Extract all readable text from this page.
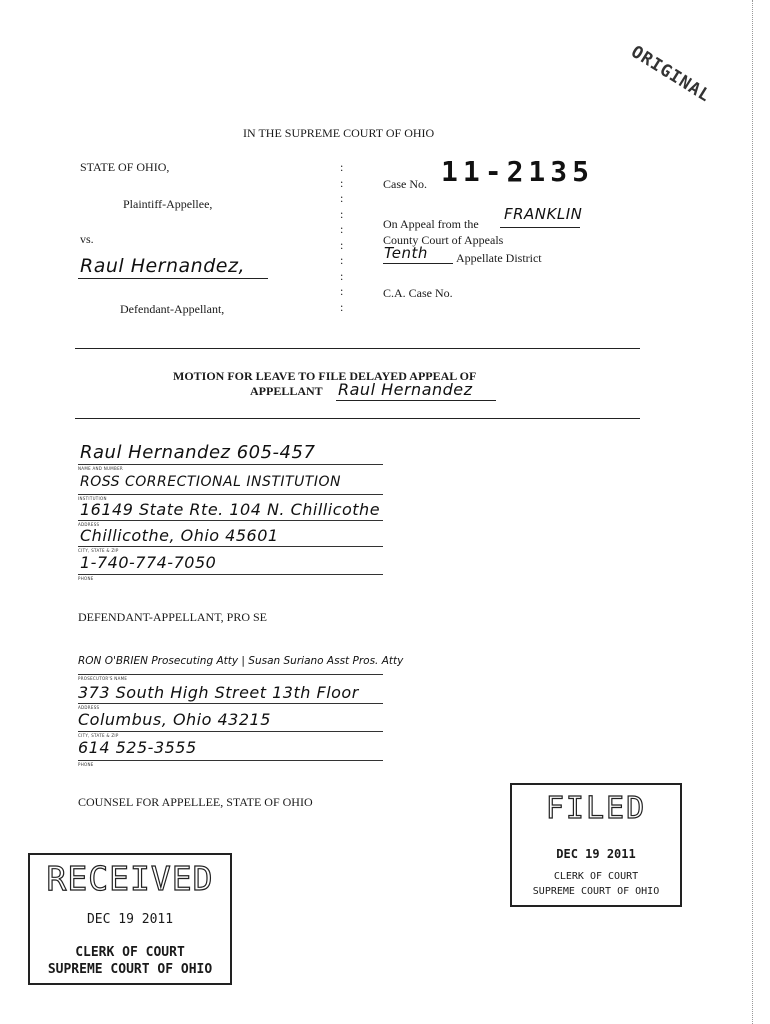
ORIGINAL
IN THE SUPREME COURT OF OHIO
STATE OF OHIO,
Plaintiff-Appellee,
vs.
Raul Hernandez,
Defendant-Appellant,
:
:
:
:
:
:
:
:
:
:
Case No. 11-2135
On Appeal from the
FRANKLIN
County Court of Appeals
Tenth Appellate District
C.A. Case No.
MOTION FOR LEAVE TO FILE DELAYED APPEAL OF
APPELLANT Raul Hernandez
Raul Hernandez 605-457
NAME AND NUMBER
ROSS CORRECTIONAL INSTITUTION
INSTITUTION
16149 State Rte. 104 N. Chillicothe
ADDRESS
Chillicothe, Ohio 45601
CITY, STATE & ZIP
1-740-774-7050
PHONE
DEFENDANT-APPELLANT, PRO SE
RON O'BRIEN Prosecuting Atty | Susan Suriano Asst Pros. Atty
PROSECUTOR'S NAME
373 South High Street 13th Floor
ADDRESS
Columbus, Ohio 43215
CITY, STATE & ZIP
614 525-3555
PHONE
COUNSEL FOR APPELLEE, STATE OF OHIO	FILED
DEC 19 2011
CLERK OF COURT
SUPREME COURT OF OHIO
RECEIVED
DEC 19 2011
CLERK OF COURT
SUPREME COURT OF OHIO
